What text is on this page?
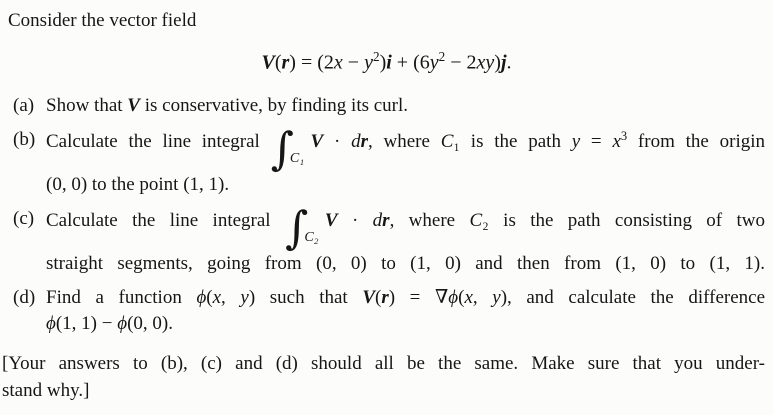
Consider the vector field
$V(r) = (2x - y^2)i + (6y^2 - 2xy)j$.
(a) Show that V is conservative, by finding its curl.
(b) Calculate the line integral $\int_{C_1}V$ · dr, where C₁ is the path $y = x^3$ from the origin
(0, 0) to the point (1, 1).
(c) Calculate the line integral $\int_{C_2}V$ · dr, where C₂ is the path consisting of two
straight segments, going from (0, 0) to (1, 0) and then from (1, 0) to (1, 1).
(d) Find a function ϕ(x, y) such that V(r) = ∇ϕ(x, y), and calculate the difference
ϕ(1, 1) − ϕ(0, 0).
[Your answers to (b), (c) and (d) should all be the same. Make sure that you under-
stand why.]
